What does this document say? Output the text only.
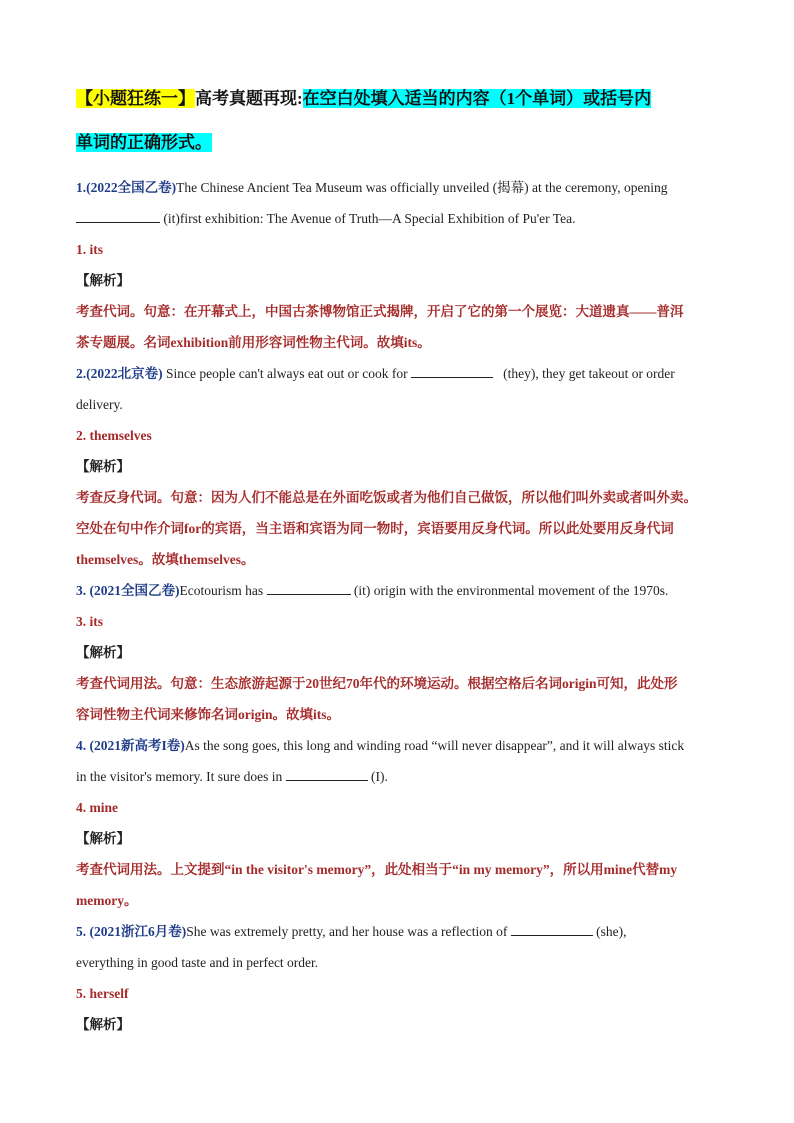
【小题狂练一】高考真题再现:在空白处填入适当的内容（1个单词）或括号内
单词的正确形式。

1.(2022全国乙卷)The Chinese Ancient Tea Museum was officially unveiled (揭幕) at the ceremony, opening

(it)first exhibition: The Avenue of Truth—A Special Exhibition of Pu'er Tea.

1. its

【解析】

考查代词。句意：在开幕式上，中国古茶博物馆正式揭牌，开启了它的第一个展览：大道遗真——普洱

茶专题展。名词exhibition前用形容词性物主代词。故填its。

2.(2022北京卷) Since people can't always eat out or cook for	(they), they get takeout or order

delivery.

2. themselves

【解析】

考查反身代词。句意：因为人们不能总是在外面吃饭或者为他们自己做饭，所以他们叫外卖或者叫外卖。

空处在句中作介词for的宾语，当主语和宾语为同一物时，宾语要用反身代词。所以此处要用反身代词

themselves。故填themselves。

3. (2021全国乙卷)Ecotourism has	(it) origin with the environmental movement of the 1970s.

3. its

【解析】

考查代词用法。句意：生态旅游起源于20世纪70年代的环境运动。根据空格后名词origin可知，此处形

容词性物主代词来修饰名词origin。故填its。

4. (2021新高考I卷)As the song goes, this long and winding road “will never disappear”, and it will always stick

in the visitor's memory. It sure does in	(I).

4. mine

【解析】

考查代词用法。上文提到“in the visitor's memory”，此处相当于“in my memory”，所以用mine代替my

memory。

5. (2021浙江6月卷)She was extremely pretty, and her house was a reflection of	(she),

everything in good taste and in perfect order.

5. herself

【解析】
